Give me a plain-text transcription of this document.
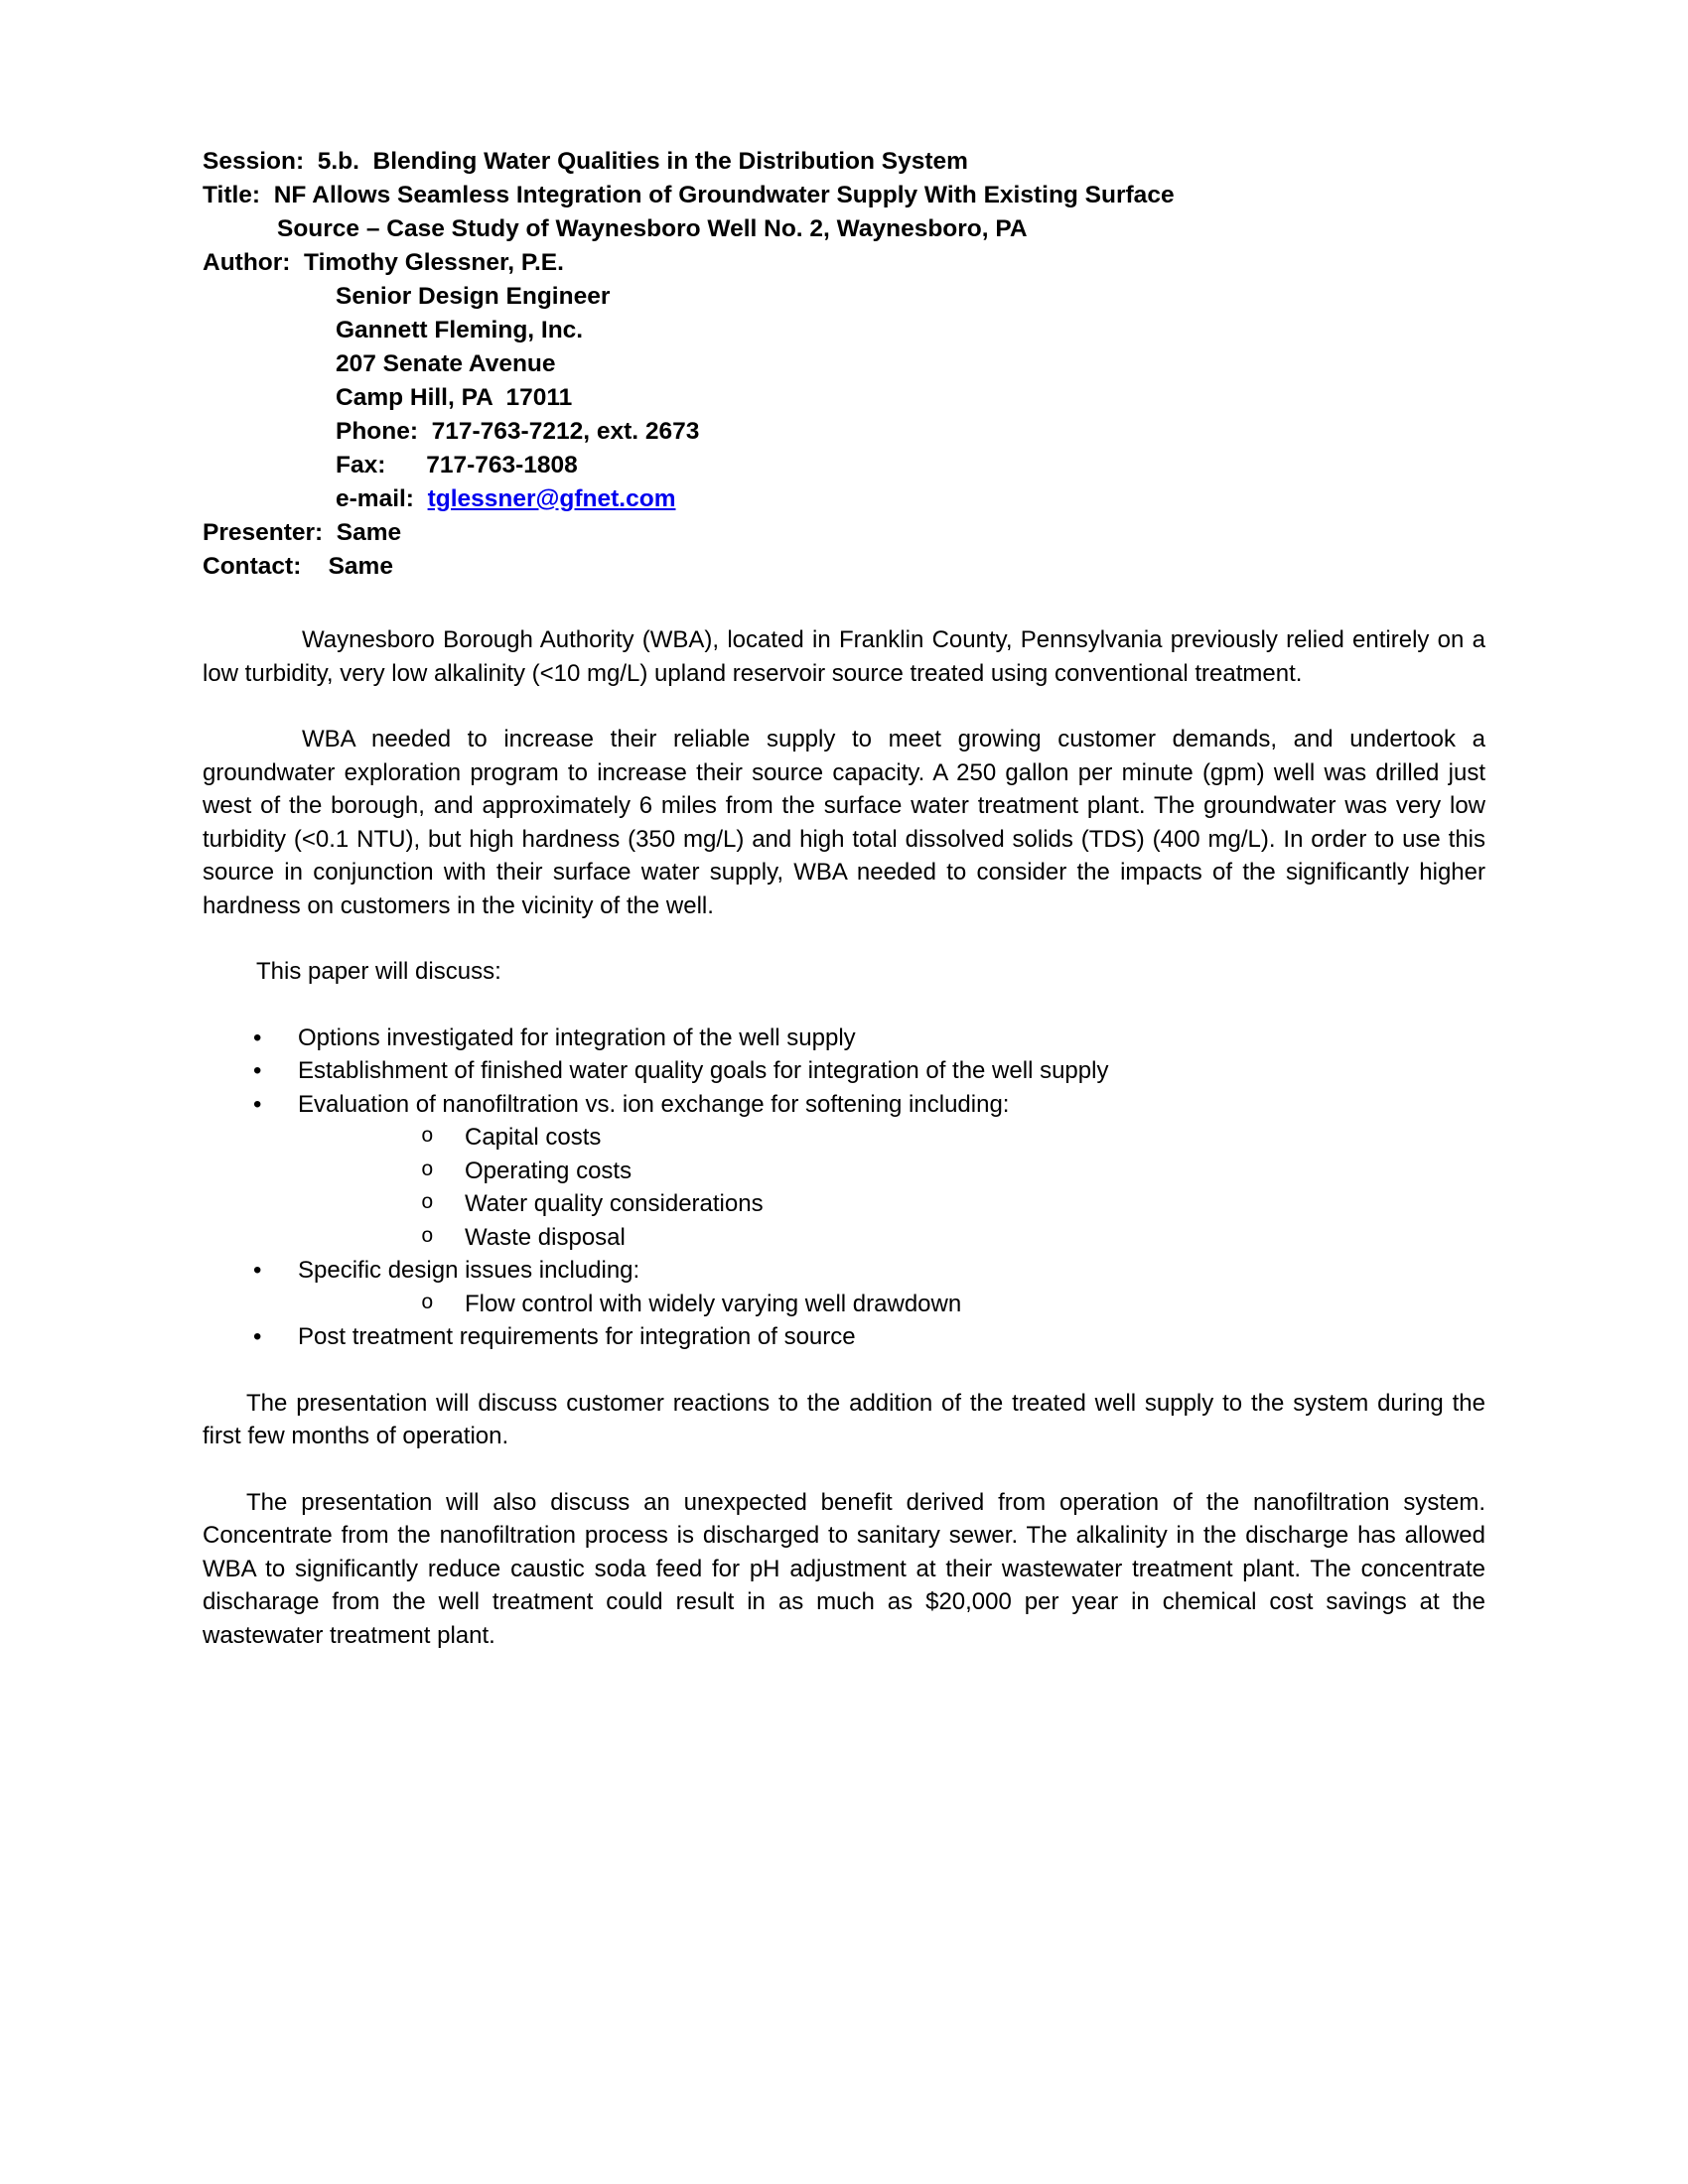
Session:  5.b.  Blending Water Qualities in the Distribution System
Title:  NF Allows Seamless Integration of Groundwater Supply With Existing Surface
Source – Case Study of Waynesboro Well No. 2, Waynesboro, PA
Author:  Timothy Glessner, P.E.
Senior Design Engineer
Gannett Fleming, Inc.
207 Senate Avenue
Camp Hill, PA  17011
Phone:  717-763-7212, ext. 2673
Fax:      717-763-1808
e-mail:  tglessner@gfnet.com
Presenter:  Same
Contact:    Same

Waynesboro Borough Authority (WBA), located in Franklin County, Pennsylvania previously relied entirely on a low turbidity, very low alkalinity (<10 mg/L) upland reservoir source treated using conventional treatment.

WBA needed to increase their reliable supply to meet growing customer demands, and undertook a groundwater exploration program to increase their source capacity. A 250 gallon per minute (gpm) well was drilled just west of the borough, and approximately 6 miles from the surface water treatment plant. The groundwater was very low turbidity (<0.1 NTU), but high hardness (350 mg/L) and high total dissolved solids (TDS) (400 mg/L). In order to use this source in conjunction with their surface water supply, WBA needed to consider the impacts of the significantly higher hardness on customers in the vicinity of the well.

This paper will discuss:
• Options investigated for integration of the well supply
• Establishment of finished water quality goals for integration of the well supply
• Evaluation of nanofiltration vs. ion exchange for softening including:
o Capital costs
o Operating costs
o Water quality considerations
o Waste disposal
• Specific design issues including:
o Flow control with widely varying well drawdown
• Post treatment requirements for integration of source

The presentation will discuss customer reactions to the addition of the treated well supply to the system during the first few months of operation.

The presentation will also discuss an unexpected benefit derived from operation of the nanofiltration system. Concentrate from the nanofiltration process is discharged to sanitary sewer. The alkalinity in the discharge has allowed WBA to significantly reduce caustic soda feed for pH adjustment at their wastewater treatment plant. The concentrate discharage from the well treatment could result in as much as $20,000 per year in chemical cost savings at the wastewater treatment plant.
